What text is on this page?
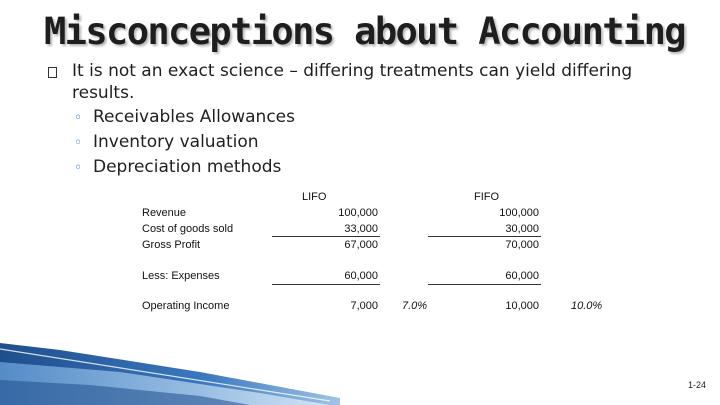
Misconceptions about Accounting
It is not an exact science – differing treatments can yield differing
results.
◦ Receivables Allowances
◦ Inventory valuation
◦ Depreciation methods
LIFO	FIFO
Revenue	100,000	100,000
Cost of goods sold	33,000	30,000
Gross Profit	67,000	70,000
Less: Expenses	60,000	60,000
Operating Income	7,000 7.0%	10,000	10.0%
1-24
